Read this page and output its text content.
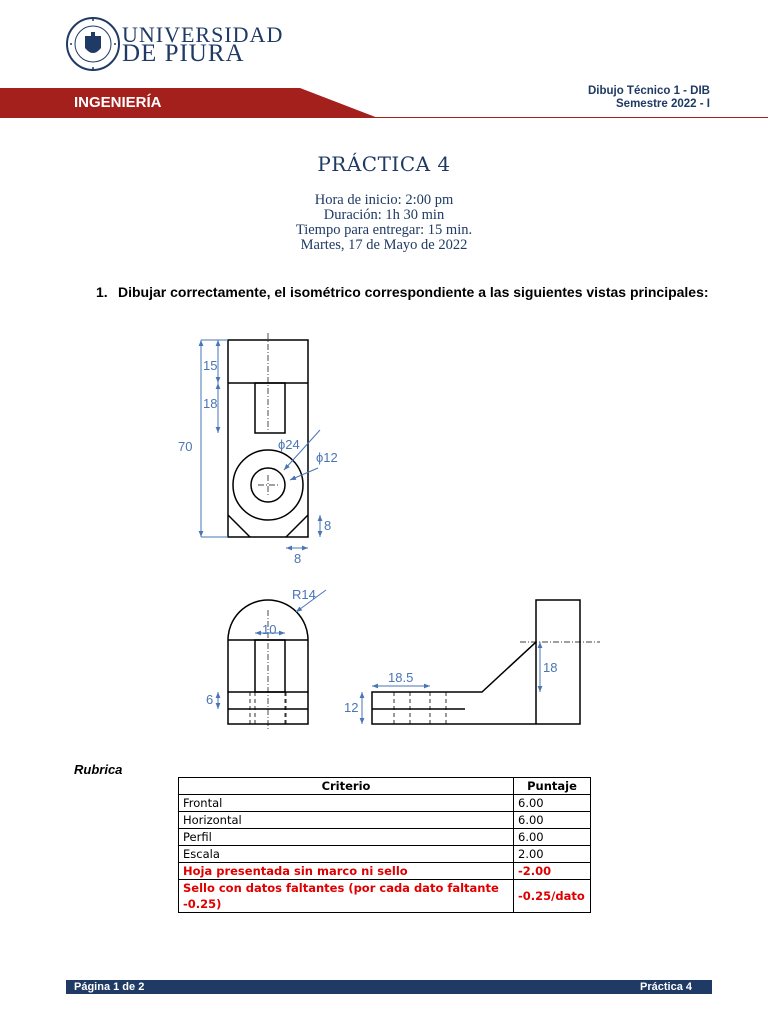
UNIVERSIDAD
DE PIURA
INGENIERÍA
Dibujo Técnico 1 - DIB
Semestre 2022 - I
PRÁCTICA 4
Hora de inicio: 2:00 pm
Duración: 1h 30 min
Tiempo para entregar: 15 min.
Martes, 17 de Mayo de 2022
1. Dibujar correctamente, el isométrico correspondiente a las siguientes vistas principales:
15
18
70	ϕ24
ϕ12
8
8
R14
10
6
18.5
12
18
Rubrica
Criterio	Puntaje
Frontal	6.00
Horizontal	6.00
Perfil	6.00
Escala	2.00
Hoja presentada sin marco ni sello	-2.00
Sello con datos faltantes (por cada dato faltante -0.25)	-0.25/dato
Página 1 de 2	Práctica 4
